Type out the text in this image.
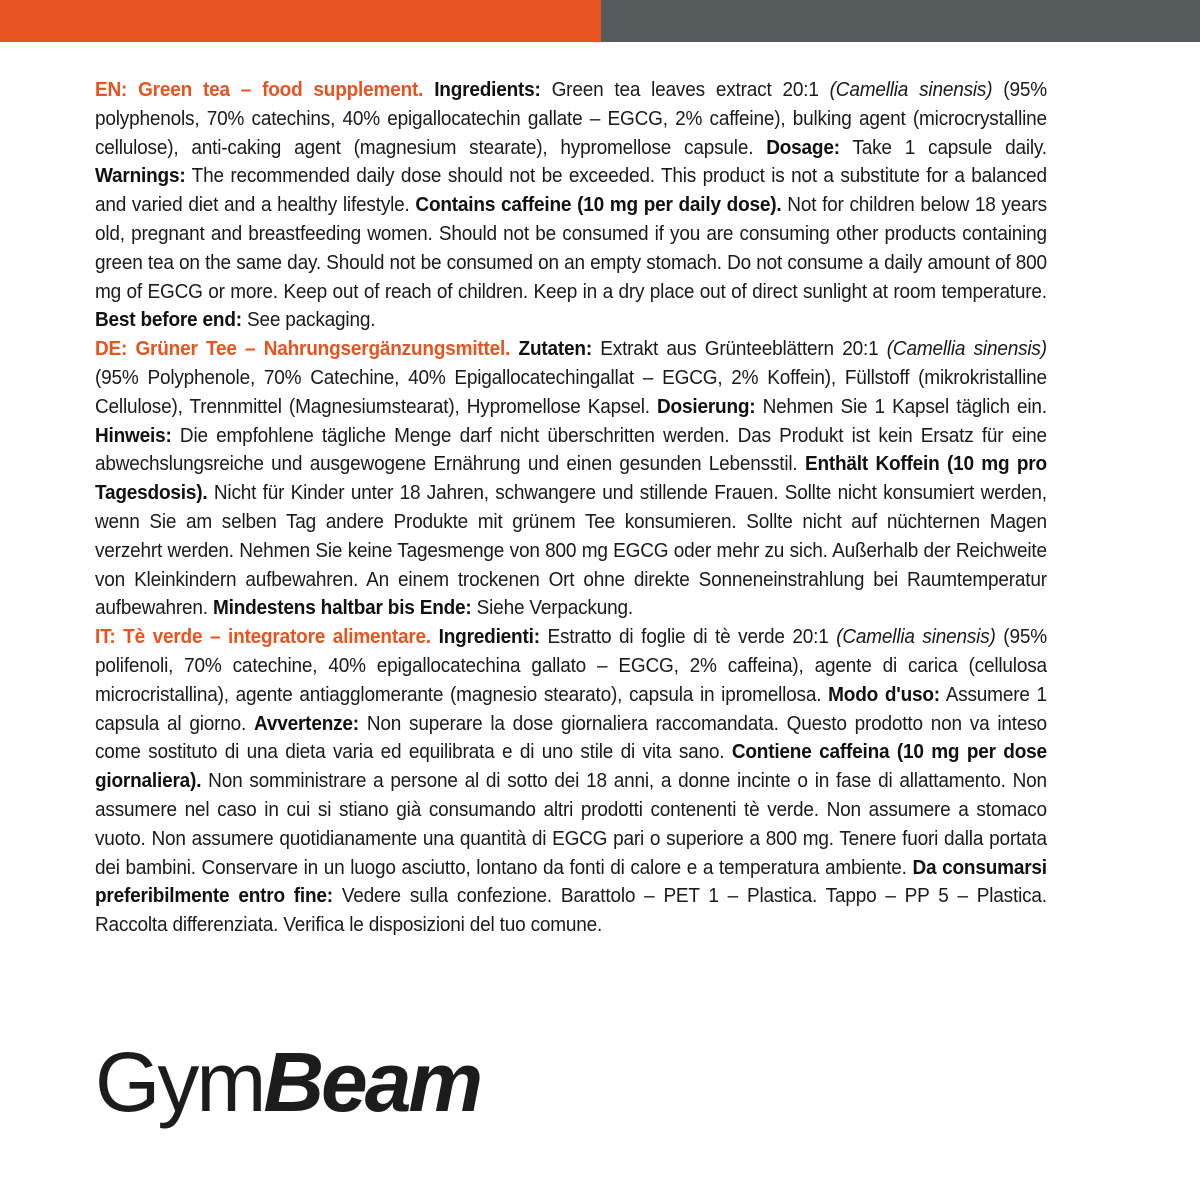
EN: Green tea – food supplement. Ingredients: Green tea leaves extract 20:1 (Camellia sinensis) (95% polyphenols, 70% catechins, 40% epigallocatechin gallate – EGCG, 2% caffeine), bulking agent (microcrystalline cellulose), anti-caking agent (magnesium stearate), hypromellose capsule. Dosage: Take 1 capsule daily. Warnings: The recommended daily dose should not be exceeded. This product is not a substitute for a balanced and varied diet and a healthy lifestyle. Contains caffeine (10 mg per daily dose). Not for children below 18 years old, pregnant and breastfeeding women. Should not be consumed if you are consuming other products containing green tea on the same day. Should not be consumed on an empty stomach. Do not consume a daily amount of 800 mg of EGCG or more. Keep out of reach of children. Keep in a dry place out of direct sunlight at room temperature. Best before end: See packaging.

DE: Grüner Tee – Nahrungsergänzungsmittel. Zutaten: Extrakt aus Grünteeblättern 20:1 (Camellia sinensis) (95% Polyphenole, 70% Catechine, 40% Epigallocatechingallat – EGCG, 2% Koffein), Füllstoff (mikrokristalline Cellulose), Trennmittel (Magnesiumstearat), Hypromellose Kapsel. Dosierung: Nehmen Sie 1 Kapsel täglich ein. Hinweis: Die empfohlene tägliche Menge darf nicht überschritten werden. Das Produkt ist kein Ersatz für eine abwechslungsreiche und ausgewogene Ernährung und einen gesunden Lebensstil. Enthält Koffein (10 mg pro Tagesdosis). Nicht für Kinder unter 18 Jahren, schwangere und stillende Frauen. Sollte nicht konsumiert werden, wenn Sie am selben Tag andere Produkte mit grünem Tee konsumieren. Sollte nicht auf nüchternen Magen verzehrt werden. Nehmen Sie keine Tagesmenge von 800 mg EGCG oder mehr zu sich. Außerhalb der Reichweite von Kleinkindern aufbewahren. An einem trockenen Ort ohne direkte Sonneneinstrahlung bei Raumtemperatur aufbewahren. Mindestens haltbar bis Ende: Siehe Verpackung.

IT: Tè verde – integratore alimentare. Ingredienti: Estratto di foglie di tè verde 20:1 (Camellia sinensis) (95% polifenoli, 70% catechine, 40% epigallocatechina gallato – EGCG, 2% caffeina), agente di carica (cellulosa microcristallina), agente antiagglomerante (magnesio stearato), capsula in ipromellosa. Modo d'uso: Assumere 1 capsula al giorno. Avvertenze: Non superare la dose giornaliera raccomandata. Questo prodotto non va inteso come sostituto di una dieta varia ed equilibrata e di uno stile di vita sano. Contiene caffeina (10 mg per dose giornaliera). Non somministrare a persone al di sotto dei 18 anni, a donne incinte o in fase di allattamento. Non assumere nel caso in cui si stiano già consumando altri prodotti contenenti tè verde. Non assumere a stomaco vuoto. Non assumere quotidianamente una quantità di EGCG pari o superiore a 800 mg. Tenere fuori dalla portata dei bambini. Conservare in un luogo asciutto, lontano da fonti di calore e a temperatura ambiente. Da consumarsi preferibilmente entro fine: Vedere sulla confezione. Barattolo – PET 1 – Plastica. Tappo – PP 5 – Plastica. Raccolta differenziata. Verifica le disposizioni del tuo comune.

GymBeam
